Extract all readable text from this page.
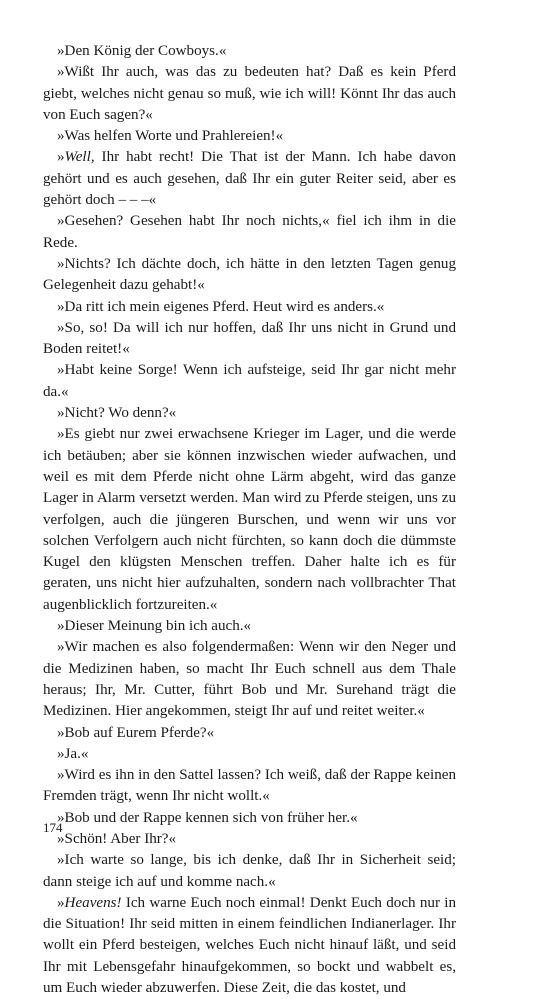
»Den König der Cowboys.«

»Wißt Ihr auch, was das zu bedeuten hat? Daß es kein Pferd giebt, welches nicht genau so muß, wie ich will! Könnt Ihr das auch von Euch sagen?«

»Was helfen Worte und Prahlereien!«

»Well, Ihr habt recht! Die That ist der Mann. Ich habe davon gehört und es auch gesehen, daß Ihr ein guter Reiter seid, aber es gehört doch – – –«

»Gesehen? Gesehen habt Ihr noch nichts,« fiel ich ihm in die Rede.

»Nichts? Ich dächte doch, ich hätte in den letzten Tagen genug Gelegenheit dazu gehabt!«

»Da ritt ich mein eigenes Pferd. Heut wird es anders.«

»So, so! Da will ich nur hoffen, daß Ihr uns nicht in Grund und Boden reitet!«

»Habt keine Sorge! Wenn ich aufsteige, seid Ihr gar nicht mehr da.«

»Nicht? Wo denn?«

»Es giebt nur zwei erwachsene Krieger im Lager, und die werde ich betäuben; aber sie können inzwischen wieder aufwachen, und weil es mit dem Pferde nicht ohne Lärm abgeht, wird das ganze Lager in Alarm versetzt werden. Man wird zu Pferde steigen, uns zu verfolgen, auch die jüngeren Burschen, und wenn wir uns vor solchen Verfolgern auch nicht fürchten, so kann doch die dümmste Kugel den klügsten Menschen treffen. Daher halte ich es für geraten, uns nicht hier aufzuhalten, sondern nach vollbrachter That augenblicklich fortzureiten.«

»Dieser Meinung bin ich auch.«

»Wir machen es also folgendermaßen: Wenn wir den Neger und die Medizinen haben, so macht Ihr Euch schnell aus dem Thale heraus; Ihr, Mr. Cutter, führt Bob und Mr. Surehand trägt die Medizinen. Hier angekommen, steigt Ihr auf und reitet weiter.«

»Bob auf Eurem Pferde?«

»Ja.«

»Wird es ihn in den Sattel lassen? Ich weiß, daß der Rappe keinen Fremden trägt, wenn Ihr nicht wollt.«

»Bob und der Rappe kennen sich von früher her.«

»Schön! Aber Ihr?«

»Ich warte so lange, bis ich denke, daß Ihr in Sicherheit seid; dann steige ich auf und komme nach.«

»Heavens! Ich warne Euch noch einmal! Denkt Euch doch nur in die Situation! Ihr seid mitten in einem feindlichen Indianerlager. Ihr wollt ein Pferd besteigen, welches Euch nicht hinauf läßt, und seid Ihr mit Lebensgefahr hinaufgekommen, so bockt und wabbelt es, um Euch wieder abzuwerfen. Diese Zeit, die das kostet, und

174
